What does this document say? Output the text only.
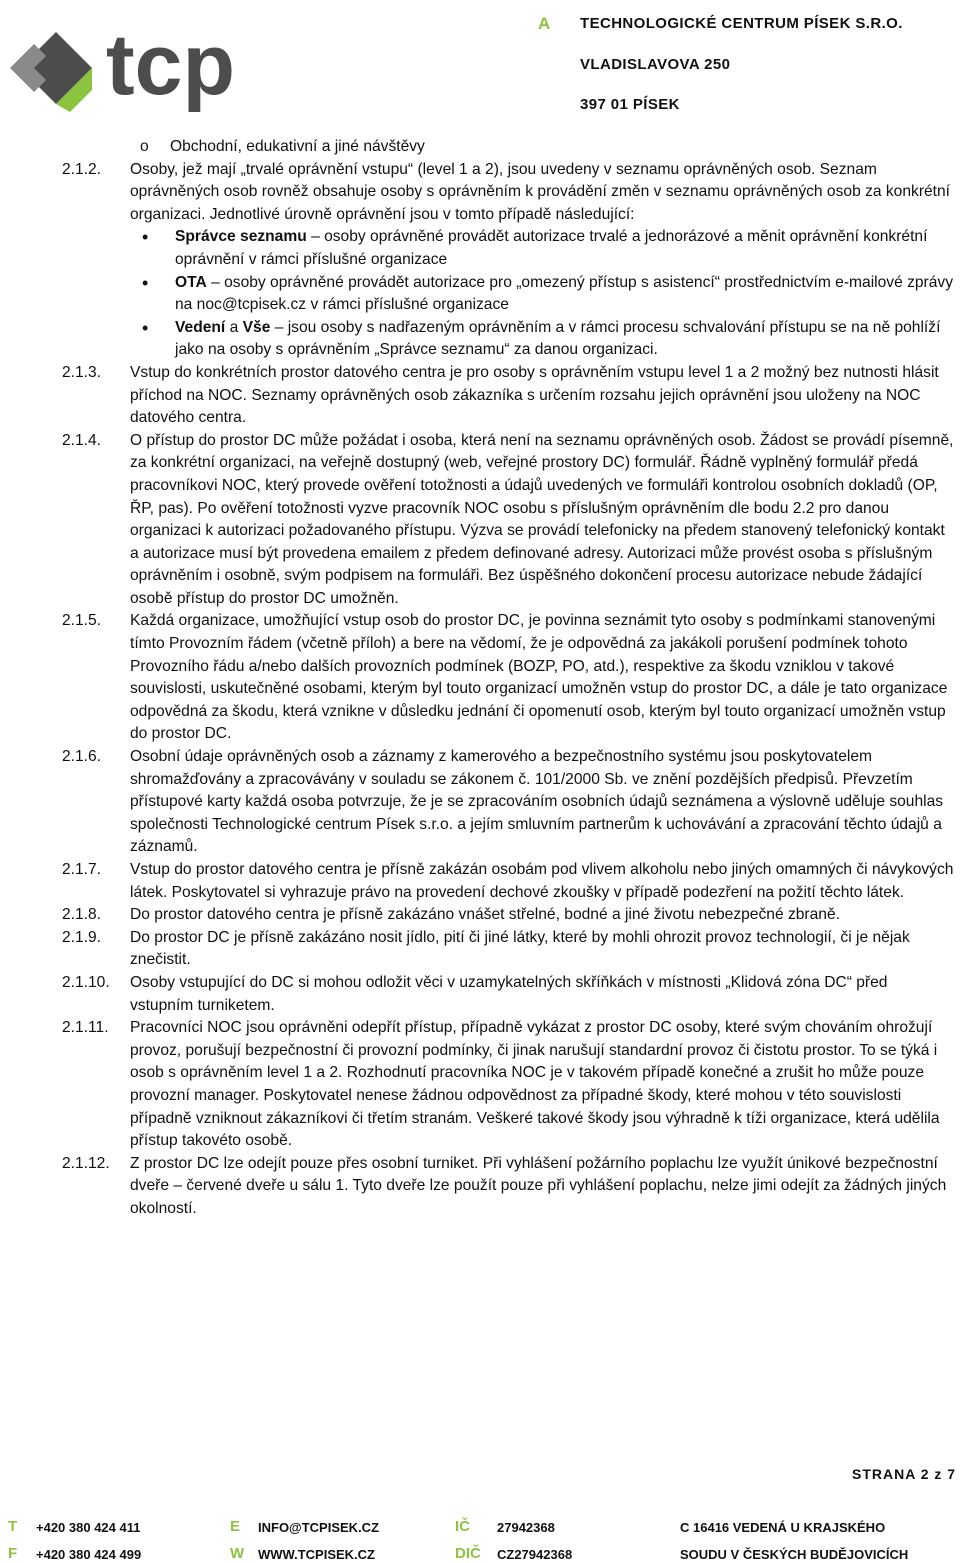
tcp	A TECHNOLOGICKÉ CENTRUM PÍSEK S.R.O.
VLADISLAVOVA 250
397 01 PÍSEK
o Obchodní, edukativní a jiné návštěvy
2.1.2.	Osoby, jež mají „trvalé oprávnění vstupu“ (level 1 a 2), jsou uvedeny v seznamu oprávněných osob. Seznam oprávněných osob rovněž obsahuje osoby s oprávněním k provádění změn v seznamu oprávněných osob za konkrétní organizaci. Jednotlivé úrovně oprávnění jsou v tomto případě následující:

• Správce seznamu – osoby oprávněné provádět autorizace trvalé a jednorázové a měnit oprávnění konkrétní oprávnění v rámci příslušné organizace
• OTA – osoby oprávněné provádět autorizace pro „omezený přístup s asistencí“ prostřednictvím e-mailové zprávy na noc@tcpisek.cz v rámci příslušné organizace
• Vedení a Vše – jsou osoby s nadřazeným oprávněním a v rámci procesu schvalování přístupu se na ně pohlíží jako na osoby s oprávněním „Správce seznamu“ za danou organizaci.
2.1.3.	Vstup do konkrétních prostor datového centra je pro osoby s oprávněním vstupu level 1 a 2 možný bez nutnosti hlásit příchod na NOC. Seznamy oprávněných osob zákazníka s určením rozsahu jejich oprávnění jsou uloženy na NOC datového centra.
2.1.4.	O přístup do prostor DC může požádat i osoba, která není na seznamu oprávněných osob. Žádost se provádí písemně, za konkrétní organizaci, na veřejně dostupný (web, veřejné prostory DC) formulář. Řádně vyplněný formulář předá pracovníkovi NOC, který provede ověření totožnosti a údajů uvedených ve formuláři kontrolou osobních dokladů (OP, ŘP, pas). Po ověření totožnosti vyzve pracovník NOC osobu s příslušným oprávněním dle bodu 2.2 pro danou organizaci k autorizaci požadovaného přístupu. Výzva se provádí telefonicky na předem stanovený telefonický kontakt a autorizace musí být provedena emailem z předem definované adresy. Autorizaci může provést osoba s příslušným oprávněním i osobně, svým podpisem na formuláři. Bez úspěšného dokončení procesu autorizace nebude žádající osobě přístup do prostor DC umožněn.
2.1.5.	Každá organizace, umožňující vstup osob do prostor DC, je povinna seznámit tyto osoby s podmínkami stanovenými tímto Provozním řádem (včetně příloh) a bere na vědomí, že je odpovědná za jakákoli porušení podmínek tohoto Provozního řádu a/nebo dalších provozních podmínek (BOZP, PO, atd.), respektive za škodu vzniklou v takové souvislosti, uskutečněné osobami, kterým byl touto organizací umožněn vstup do prostor DC, a dále je tato organizace odpovědná za škodu, která vznikne v důsledku jednání či opomenutí osob, kterým byl touto organizací umožněn vstup do prostor DC.
2.1.6.	Osobní údaje oprávněných osob a záznamy z kamerového a bezpečnostního systému jsou poskytovatelem shromažďovány a zpracovávány v souladu se zákonem č. 101/2000 Sb. ve znění pozdějších předpisů. Převzetím přístupové karty každá osoba potvrzuje, že je se zpracováním osobních údajů seznámena a výslovně uděluje souhlas společnosti Technologické centrum Písek s.r.o. a jejím smluvním partnerům k uchovávání a zpracování těchto údajů a záznamů.
2.1.7.	Vstup do prostor datového centra je přísně zakázán osobám pod vlivem alkoholu nebo jiných omamných či návykových látek. Poskytovatel si vyhrazuje právo na provedení dechové zkoušky v případě podezření na požití těchto látek.
2.1.8.	Do prostor datového centra je přísně zakázáno vnášet střelné, bodné a jiné životu nebezpečné zbraně.
2.1.9.	Do prostor DC je přísně zakázáno nosit jídlo, pití či jiné látky, které by mohli ohrozit provoz technologií, či je nějak znečistit.
2.1.10.	Osoby vstupující do DC si mohou odložit věci v uzamykatelných skříňkách v místnosti „Klidová zóna DC“ před vstupním turniketem.
2.1.11.	Pracovníci NOC jsou oprávněni odepřít přístup, případně vykázat z prostor DC osoby, které svým chováním ohrožují provoz, porušují bezpečnostní či provozní podmínky, či jinak narušují standardní provoz či čistotu prostor. To se týká i osob s oprávněním level 1 a 2. Rozhodnutí pracovníka NOC je v takovém případě konečné a zrušit ho může pouze provozní manager. Poskytovatel nenese žádnou odpovědnost za případné škody, které mohou v této souvislosti případně vzniknout zákazníkovi či třetím stranám. Veškeré takové škody jsou výhradně k tíži organizace, která udělila přístup takovéto osobě.
2.1.12.	Z prostor DC lze odejít pouze přes osobní turniket. Při vyhlášení požárního poplachu lze využít únikové bezpečnostní dveře – červené dveře u sálu 1. Tyto dveře lze použít pouze při vyhlášení poplachu, nelze jimi odejít za žádných jiných okolností.
STRANA 2 z 7
T +420 380 424 411
F +420 380 424 499
E INFO@TCPISEK.CZ
W WWW.TCPISEK.CZ
IČ 27942368
DIČ CZ27942368
C 16416 VEDENÁ U KRAJSKÉHO
SOUDU V ČESKÝCH BUDĚJOVICÍCH
